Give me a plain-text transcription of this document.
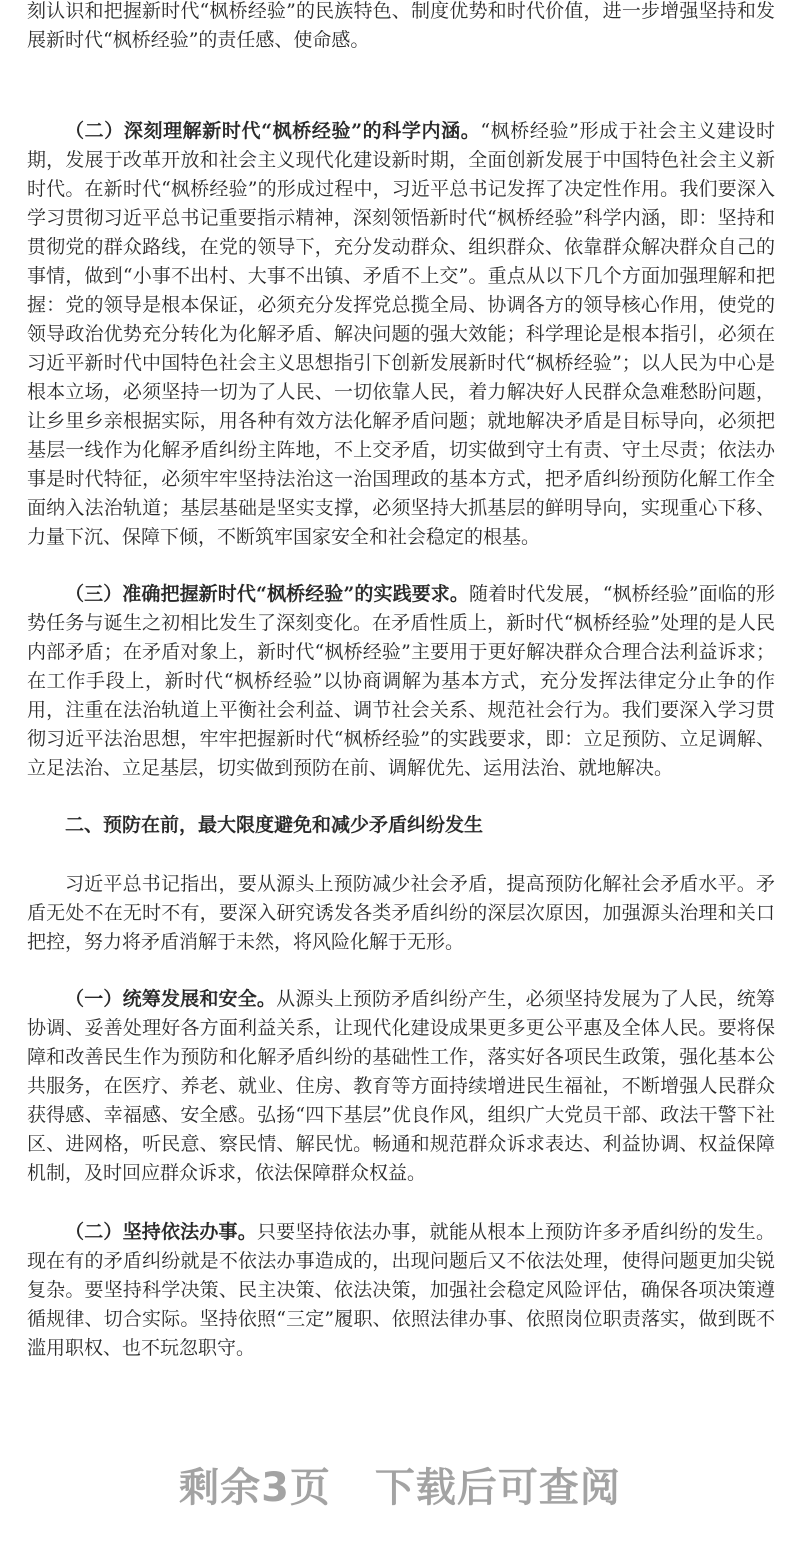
刻认识和把握新时代“枫桥经验”的民族特色、制度优势和时代价值，进一步增强坚持和发展新时代“枫桥经验”的责任感、使命感。

（二）深刻理解新时代“枫桥经验”的科学内涵。“枫桥经验”形成于社会主义建设时期，发展于改革开放和社会主义现代化建设新时期，全面创新发展于中国特色社会主义新时代。在新时代“枫桥经验”的形成过程中，习近平总书记发挥了决定性作用。我们要深入学习贯彻习近平总书记重要指示精神，深刻领悟新时代“枫桥经验”科学内涵，即：坚持和贯彻党的群众路线，在党的领导下，充分发动群众、组织群众、依靠群众解决群众自己的事情，做到“小事不出村、大事不出镇、矛盾不上交”。重点从以下几个方面加强理解和把握：党的领导是根本保证，必须充分发挥党总揽全局、协调各方的领导核心作用，使党的领导政治优势充分转化为化解矛盾、解决问题的强大效能；科学理论是根本指引，必须在习近平新时代中国特色社会主义思想指引下创新发展新时代“枫桥经验”；以人民为中心是根本立场，必须坚持一切为了人民、一切依靠人民，着力解决好人民群众急难愁盼问题，让乡里乡亲根据实际，用各种有效方法化解矛盾问题；就地解决矛盾是目标导向，必须把基层一线作为化解矛盾纠纷主阵地，不上交矛盾，切实做到守土有责、守土尽责；依法办事是时代特征，必须牢牢坚持法治这一治国理政的基本方式，把矛盾纠纷预防化解工作全面纳入法治轨道；基层基础是坚实支撑，必须坚持大抓基层的鲜明导向，实现重心下移、力量下沉、保障下倾，不断筑牢国家安全和社会稳定的根基。

（三）准确把握新时代“枫桥经验”的实践要求。随着时代发展，“枫桥经验”面临的形势任务与诞生之初相比发生了深刻变化。在矛盾性质上，新时代“枫桥经验”处理的是人民内部矛盾；在矛盾对象上，新时代“枫桥经验”主要用于更好解决群众合理合法利益诉求；在工作手段上，新时代“枫桥经验”以协商调解为基本方式，充分发挥法律定分止争的作用，注重在法治轨道上平衡社会利益、调节社会关系、规范社会行为。我们要深入学习贯彻习近平法治思想，牢牢把握新时代“枫桥经验”的实践要求，即：立足预防、立足调解、立足法治、立足基层，切实做到预防在前、调解优先、运用法治、就地解决。

二、预防在前，最大限度避免和减少矛盾纠纷发生

习近平总书记指出，要从源头上预防减少社会矛盾，提高预防化解社会矛盾水平。矛盾无处不在无时不有，要深入研究诱发各类矛盾纠纷的深层次原因，加强源头治理和关口把控，努力将矛盾消解于未然，将风险化解于无形。

（一）统筹发展和安全。从源头上预防矛盾纠纷产生，必须坚持发展为了人民，统筹协调、妥善处理好各方面利益关系，让现代化建设成果更多更公平惠及全体人民。要将保障和改善民生作为预防和化解矛盾纠纷的基础性工作，落实好各项民生政策，强化基本公共服务，在医疗、养老、就业、住房、教育等方面持续增进民生福祉，不断增强人民群众获得感、幸福感、安全感。弘扬“四下基层”优良作风，组织广大党员干部、政法干警下社区、进网格，听民意、察民情、解民忧。畅通和规范群众诉求表达、利益协调、权益保障机制，及时回应群众诉求，依法保障群众权益。

（二）坚持依法办事。只要坚持依法办事，就能从根本上预防许多矛盾纠纷的发生。现在有的矛盾纠纷就是不依法办事造成的，出现问题后又不依法处理，使得问题更加尖锐复杂。要坚持科学决策、民主决策、依法决策，加强社会稳定风险评估，确保各项决策遵循规律、切合实际。坚持依照“三定”履职、依照法律办事、依照岗位职责落实，做到既不滥用职权、也不玩忽职守。

剩余3页 下载后可查阅
